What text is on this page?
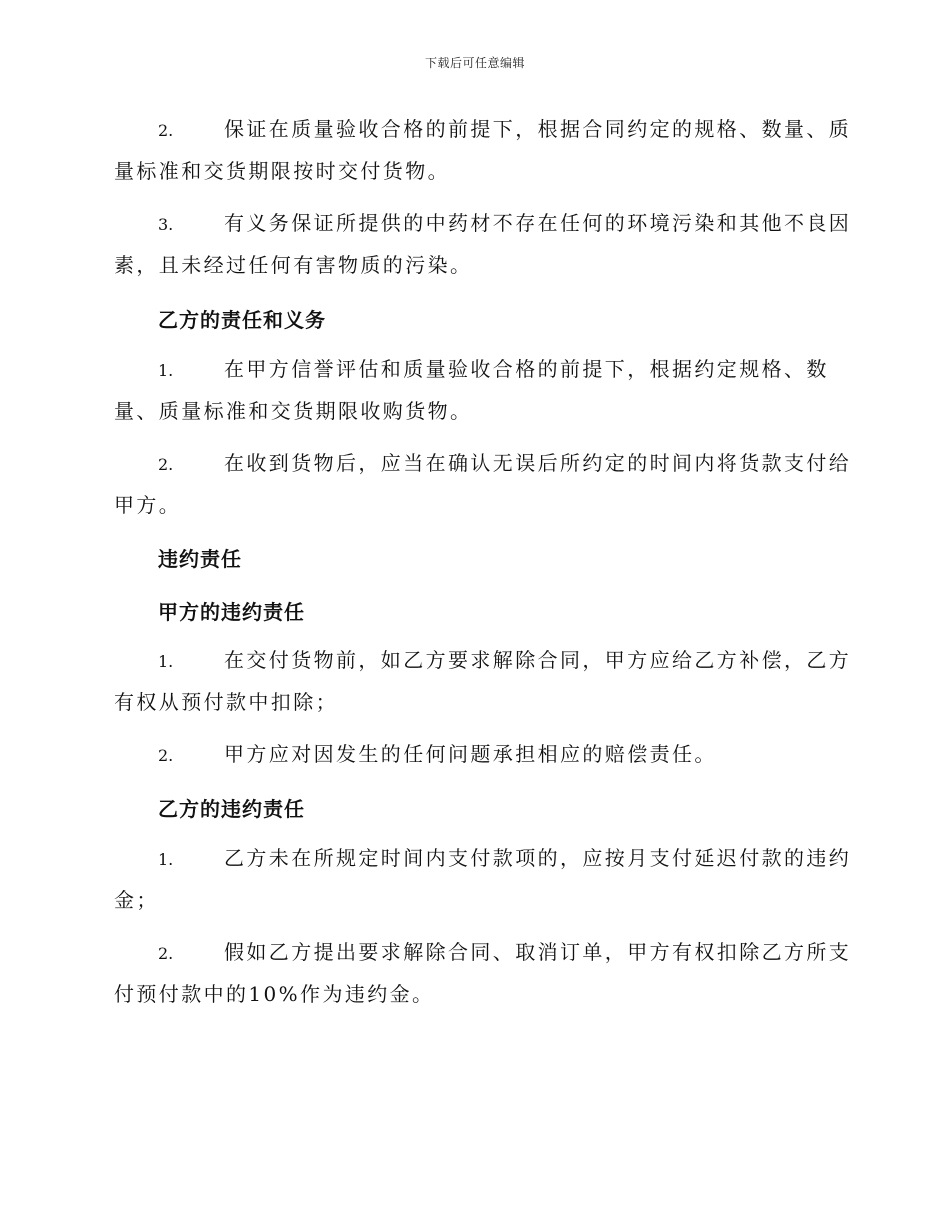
下载后可任意编辑
2.	保证在质量验收合格的前提下，根据合同约定的规格、数量、质
量标准和交货期限按时交付货物。
3.	有义务保证所提供的中药材不存在任何的环境污染和其他不良因
素，且未经过任何有害物质的污染。
乙方的责任和义务
1.	在甲方信誉评估和质量验收合格的前提下，根据约定规格、数
量、质量标准和交货期限收购货物。
2.	在收到货物后，应当在确认无误后所约定的时间内将货款支付给
甲方。
违约责任
甲方的违约责任
1.	在交付货物前，如乙方要求解除合同，甲方应给乙方补偿，乙方
有权从预付款中扣除；
2.	甲方应对因发生的任何问题承担相应的赔偿责任。
乙方的违约责任
1.	乙方未在所规定时间内支付款项的，应按月支付延迟付款的违约
金；
2.	假如乙方提出要求解除合同、取消订单，甲方有权扣除乙方所支
付预付款中的10%作为违约金。
